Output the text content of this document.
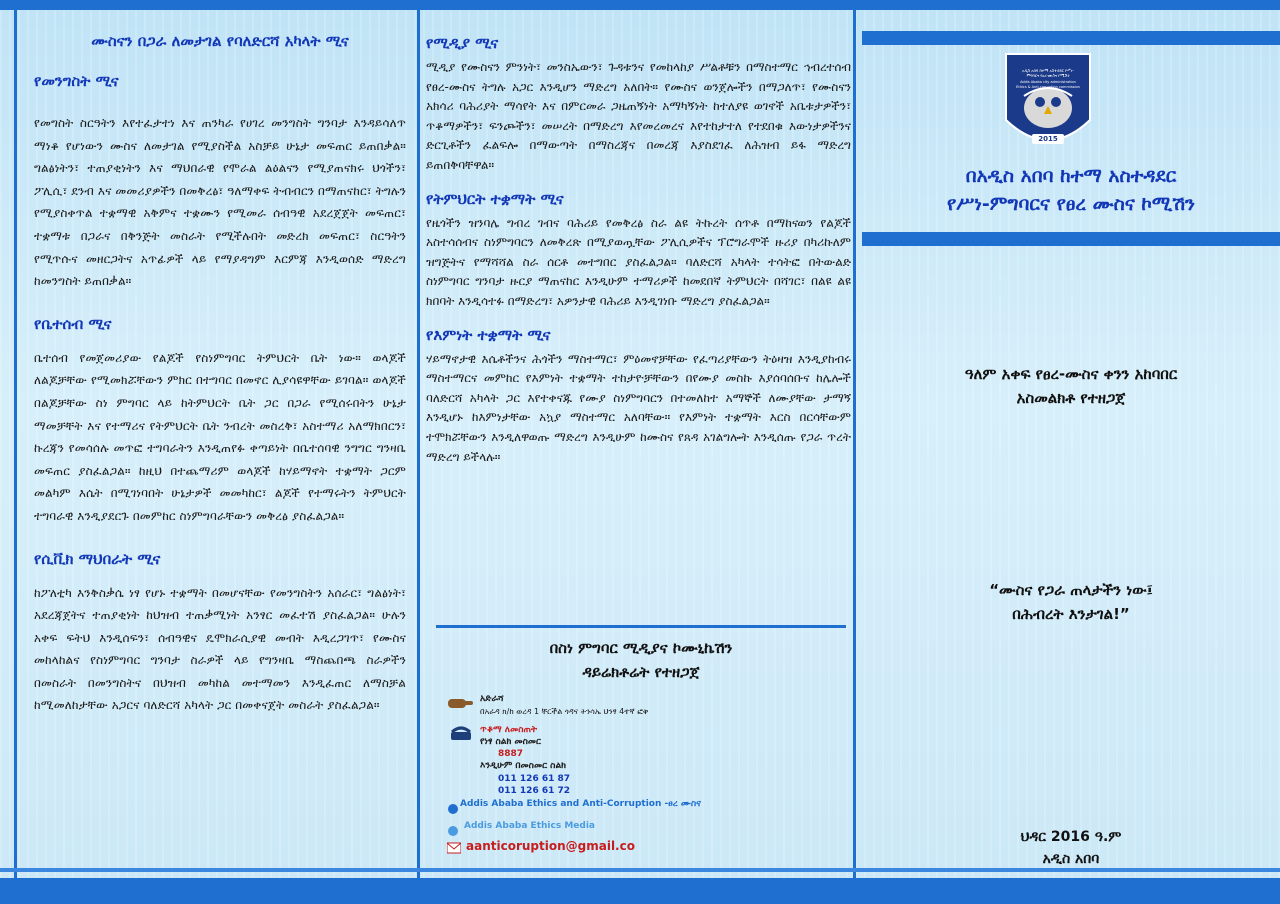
ሙስናን በጋራ ለመታገል የባለድርሻ አካላት ሚና
የመንግስት ሚና
የመግስት ስርዓትን እየተፈታተነ እና ጠንካራ የሀገረ መንግስት ግንባታ እንዳይሳለጥ ማነቆ የሆነውን ሙስና ለመታገል የሚያስችል አስቻይ ሁኔታ መፍጠር ይጠበቃል። ግልፅነትን፣ ተጠያቂነትን እና ማህበራዊ የሞራል ልዕልናን የሚያጠናክሩ ህጎችን፣ ፖሊሲ፣ ደንብ እና መመሪያዎችን በመቅረፅ፣ ዓለማቀፍ ትብብርን በማጠናከር፣ ትግሉን የሚያስቀጥል ተቋማዊ አቅምና ተቋሙን የሚመራ ሰብዓዊ አደረጀጀት መፍጠር፣ ተቋማቱ በጋራና በቅንጅት መስራት የሚችሉበት መድረክ መፍጠር፣ ስርዓትን የሚጥሱና መዘርጋትና አጥፊዎች ላይ የማያዳግም እርምጃ እንዲወሰድ ማድረግ ከመንግስት ይጠበቃል።
የቤተሰብ ሚና
ቤተሰብ የመጀመሪያው የልጆች የስነምግባር ትምህርት ቤት ነው። ወላጆች ለልጆቻቸው የሚመክሯቸውን ምክር በተግባር በመኖር ሊያሳዩዋቸው ይገባል። ወላጆች በልጆቻቸው ስነ ምግባር ላይ ከትምህርት ቤት ጋር በጋራ የሚሰሩበትን ሁኔታ ማመቻቸት እና የተማሪና የትምህርት ቤት ንብረት መስረቅ፣ አስተማሪ አለማክበርን፣ ኩረጃን የመሳሰሉ መጥፎ ተግባራትን እንዲጠየፉ ቀጣይነት በቤተሰባዊ ንግግር ግንዛቤ መፍጠር ያስፈልጋል። ከዚህ በተጨማሪም ወላጆች ከሃይማኖት ተቋማት ጋርም መልካም እሴት በሚገነባበት ሁኔታዎች መመካከር፣ ልጆች የተማሩትን ትምህርት ተግባራዊ እንዲያደርጉ በመምከር ስነምግባራቸውን መቅረፅ ያስፈልጋል።
የሲቪክ ማህበራት ሚና
ከፖለቲካ እንቅስቃሴ ነፃ የሆኑ ተቋማት በመሆናቸው የመንግስትን አሰራር፣ ግልፅነት፣ አደረጃጀትና ተጠያቂነት ከህዝብ ተጠቃሚነት አንፃር መፈተሽ ያስፈልጋል። ሁሉን አቀፍ ፍትህ እንዲሰፍን፣ ሰብዓዊና ዴሞክራሲያዊ መብት እዲረጋገጥ፣ የሙስና መከላከልና የስነምግባር ግንባታ ስራዎች ላይ የግንዛቤ ማስጨበጫ ስራዎችን በመስራት በመንግስትና በህዝብ መካከል መተማመን እንዲፈጠር ለማስቻል ከሚመለከታቸው አጋርና ባለድርሻ አካላት ጋር በመቀናጀት መስራት ያስፈልጋል።
የሚዲያ ሚና
ሚዲያ የሙስናን ምንነት፣ መንስኤውን፣ ጉዳቱንና የመከላከያ ሥልቶቹን በማስተማር ኅብረተሰብ የፀረ-ሙስና ትግሉ አጋር እንዲሆን ማድረግ አለበት። የሙስና ወንጀሎችን በማጋለጥ፣ የሙስናን አክሳሪ ባሕሪያት ማሳየት እና በምርመራ ጋዜጠኝነት አማካኝነት ከተለያዩ ወገኖች አቤቱታዎችን፣ ጥቆማዎችን፣ ፍንጮችን፣ መሠረት በማድረግ እየመረመረና እየተከታተለ የተደበቁ እውነታዎችንና ድርጊቶችን ፈልፍሎ በማውጣት በማስረጃና በመረጃ እያስደገፈ ለሕዝብ ይፋ ማድረግ ይጠበቅባቸዋል።
የትምህርት ተቋማት ሚና
የዜጎችን ዝንባሌ ግብረ ገብና ባሕሪይ የመቅረፅ ስራ ልዩ ትኩረት ሰጥቶ በማከናወን የልጆች አስተሳሰብና ስነምግባርን ለመቅረጽ በሚያወጧቸው ፖሊሲዎችና ፕሮግራሞች ዙሪያ በካሪኩለም ዝግጅትና የማሻሻል ስራ ሰርቶ መተግበር ያስፈልጋል። ባለድርሻ አካላት ተሳትፎ በትውልድ ስነምግባር ግንባታ ዙርያ ማጠናከር እንዲሁም ተማሪዎች ከመደበኛ ትምህርት በሻገር፣ በልዩ ልዩ ክበባት እንዲሳተፉ በማድረግ፣ አዎንታዊ ባሕሪይ እንዲገነቡ ማድረግ ያስፈልጋል።
የእምነት ተቋማት ሚና
ሃይማኖታዊ እሴቶችንና ሕጎችን ማስተማር፣ ምዕመኖቻቸው የፈጣሪያቸውን ትዕዛዝ እንዲያከብሩ ማስተማርና መምከር የእምነት ተቋማት ተከታዮቻቸውን በየሙያ መስኩ እያሰባሰቡና ከሌሎች ባለድርሻ አካላት ጋር እየተቀናጁ የሙያ ስነምግባርን በተመለከተ አማኞች ለሙያቸው ታማኝ እንዲሆኑ ከእምነታቸው አኳያ ማስተማር አለባቸው። የእምነት ተቋማት እርስ በርሳቸውም ተሞክሯቸውን እንዲለዋወጡ ማድረግ እንዲሁም ከሙስና የጸዳ አገልግሎት እንዲሰጡ የጋራ ጥረት ማድረግ ይችላሉ።
በስነ ምግባር ሚዲያና ኮሙኒኬሽን
ዳይሬክቶሬት የተዘጋጀ
አድራሻ
በአራዳ ክ/ከ ወረዳ 1 ቸርችል ጎዳና ትንሳኤ ህንፃ 4ተኛ ፎቅ
ጥቆማ ለመስጠት
የነፃ ስልክ መስመር
8887
እንዲሁም በመስመር ስልክ
011 126 61 87
011 126 61 72
Addis Ababa Ethics and Anti-Corruption -ፀረ ሙስና
Addis Ababa Ethics Media
aanticoruption@gmail.co
አዲስ አበባ ከተማ አስተዳደር የሥነ-ምግባርና የፀረ-ሙስና ኮሚሽን
Addis Ababa city administration Ethics & Anti-corruption commission
2015
በአዲስ አበባ ከተማ አስተዳደር
የሥነ-ምግባርና የፀረ ሙስና ኮሚሽን
ዓለም አቀፍ የፀረ-ሙስና ቀንን አከባበር
አስመልክቶ የተዘጋጀ
“ሙስና የጋራ ጠላታችን ነው፤
በሕብረት እንታገል!”
ህዳር 2016 ዓ.ም
አዲስ አበባ
